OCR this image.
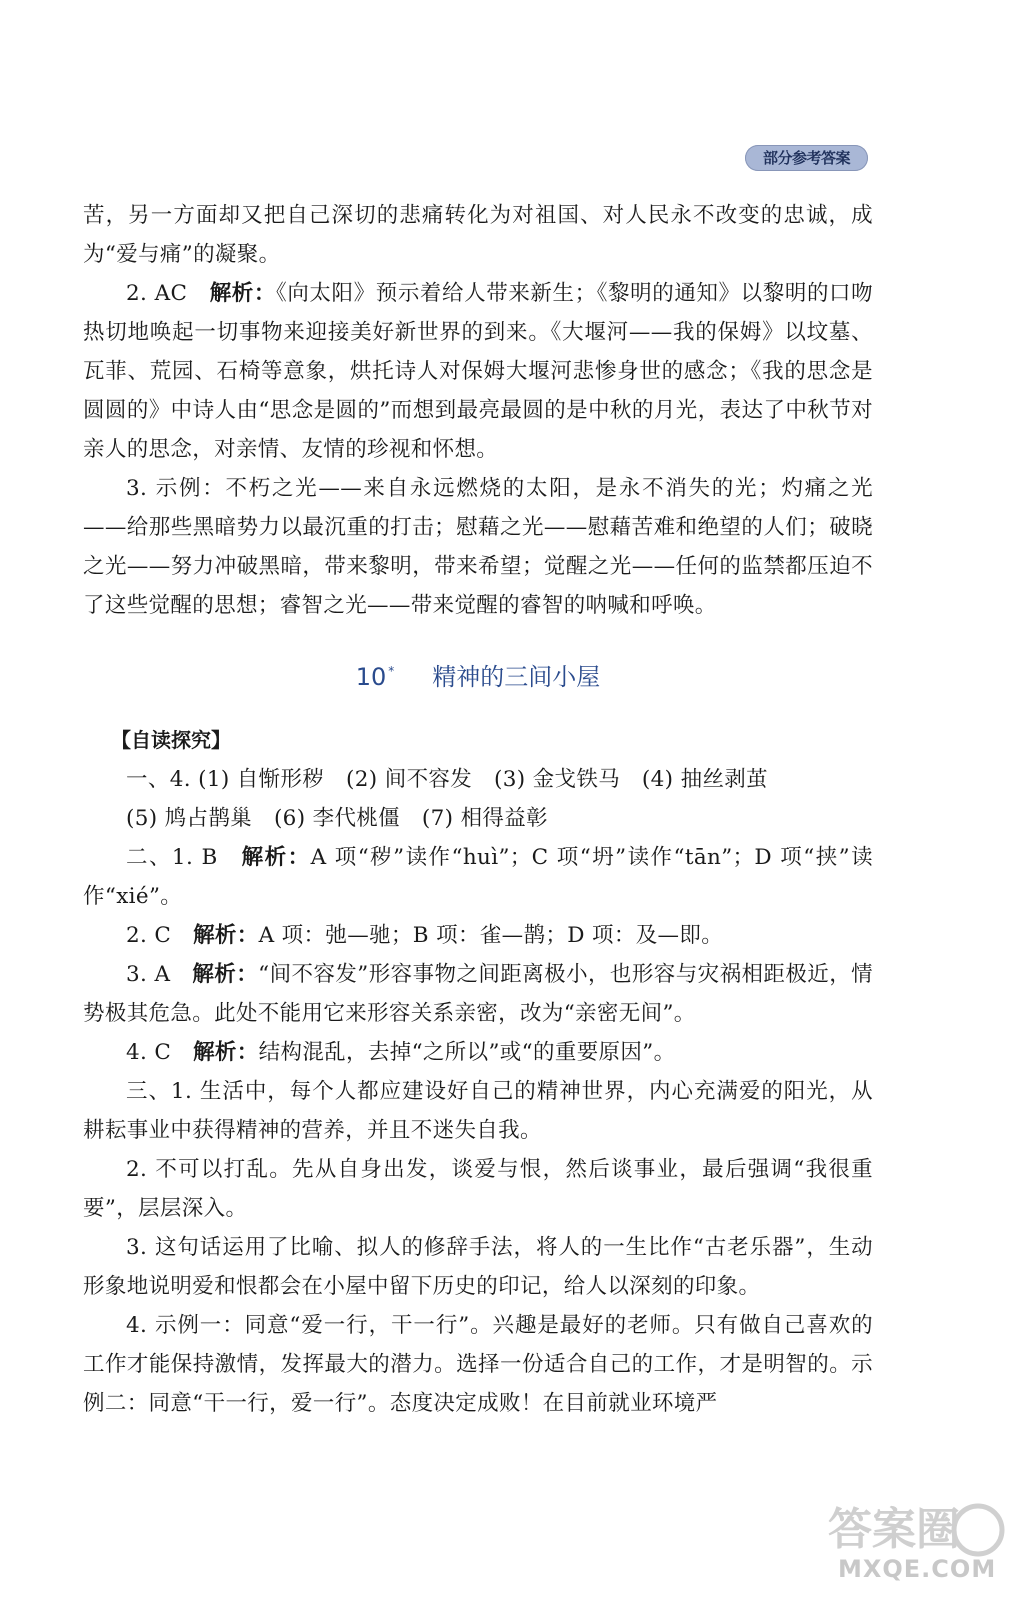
部分参考答案

苦，另一方面却又把自己深切的悲痛转化为对祖国、对人民永不改变的忠诚，成为“爱与痛”的凝聚。

2. AC　 解析：《向太阳》预示着给人带来新生；《黎明的通知》以黎明的口吻热切地唤起一切事物来迎接美好新世界的到来。《大堰河——我的保姆》以坟墓、瓦菲、荒园、石椅等意象，烘托诗人对保姆大堰河悲惨身世的感念；《我的思念是圆圆的》中诗人由“思念是圆的”而想到最亮最圆的是中秋的月光，表达了中秋节对亲人的思念，对亲情、友情的珍视和怀想。

3. 示例：不朽之光——来自永远燃烧的太阳，是永不消失的光；灼痛之光——给那些黑暗势力以最沉重的打击；慰藉之光——慰藉苦难和绝望的人们；破晓之光——努力冲破黑暗，带来黎明，带来希望；觉醒之光——任何的监禁都压迫不了这些觉醒的思想；睿智之光——带来觉醒的睿智的呐喊和呼唤。

10 * 精神的三间小屋
【自读探究】

一、4. (1) 自惭形秽　(2) 间不容发　(3) 金戈铁马　(4) 抽丝剥茧

(5) 鸠占鹊巢　(6) 李代桃僵　(7) 相得益彰

二、1. B　 解析：A 项“秽”读作“huì”；C 项“坍”读作“tān”；D 项“挟”读作“xié”。

2. C　 解析：A 项：弛—驰；B 项：雀—鹊；D 项：及—即。

3. A　 解析：“间不容发”形容事物之间距离极小，也形容与灾祸相距极近，情势极其危急。此处不能用它来形容关系亲密，改为“亲密无间”。

4. C　 解析：结构混乱，去掉“之所以”或“的重要原因”。

三、1. 生活中，每个人都应建设好自己的精神世界，内心充满爱的阳光，从耕耘事业中获得精神的营养，并且不迷失自我。

2. 不可以打乱。先从自身出发，谈爱与恨，然后谈事业，最后强调“我很重要”，层层深入。

3. 这句话运用了比喻、拟人的修辞手法，将人的一生比作“古老乐器”，生动形象地说明爱和恨都会在小屋中留下历史的印记，给人以深刻的印象。

4. 示例一：同意“爱一行，干一行”。兴趣是最好的老师。只有做自己喜欢的工作才能保持激情，发挥最大的潜力。选择一份适合自己的工作，才是明智的。示例二：同意“干一行，爱一行”。态度决定成败！在目前就业环境严

答案圈
MXQE.COM
